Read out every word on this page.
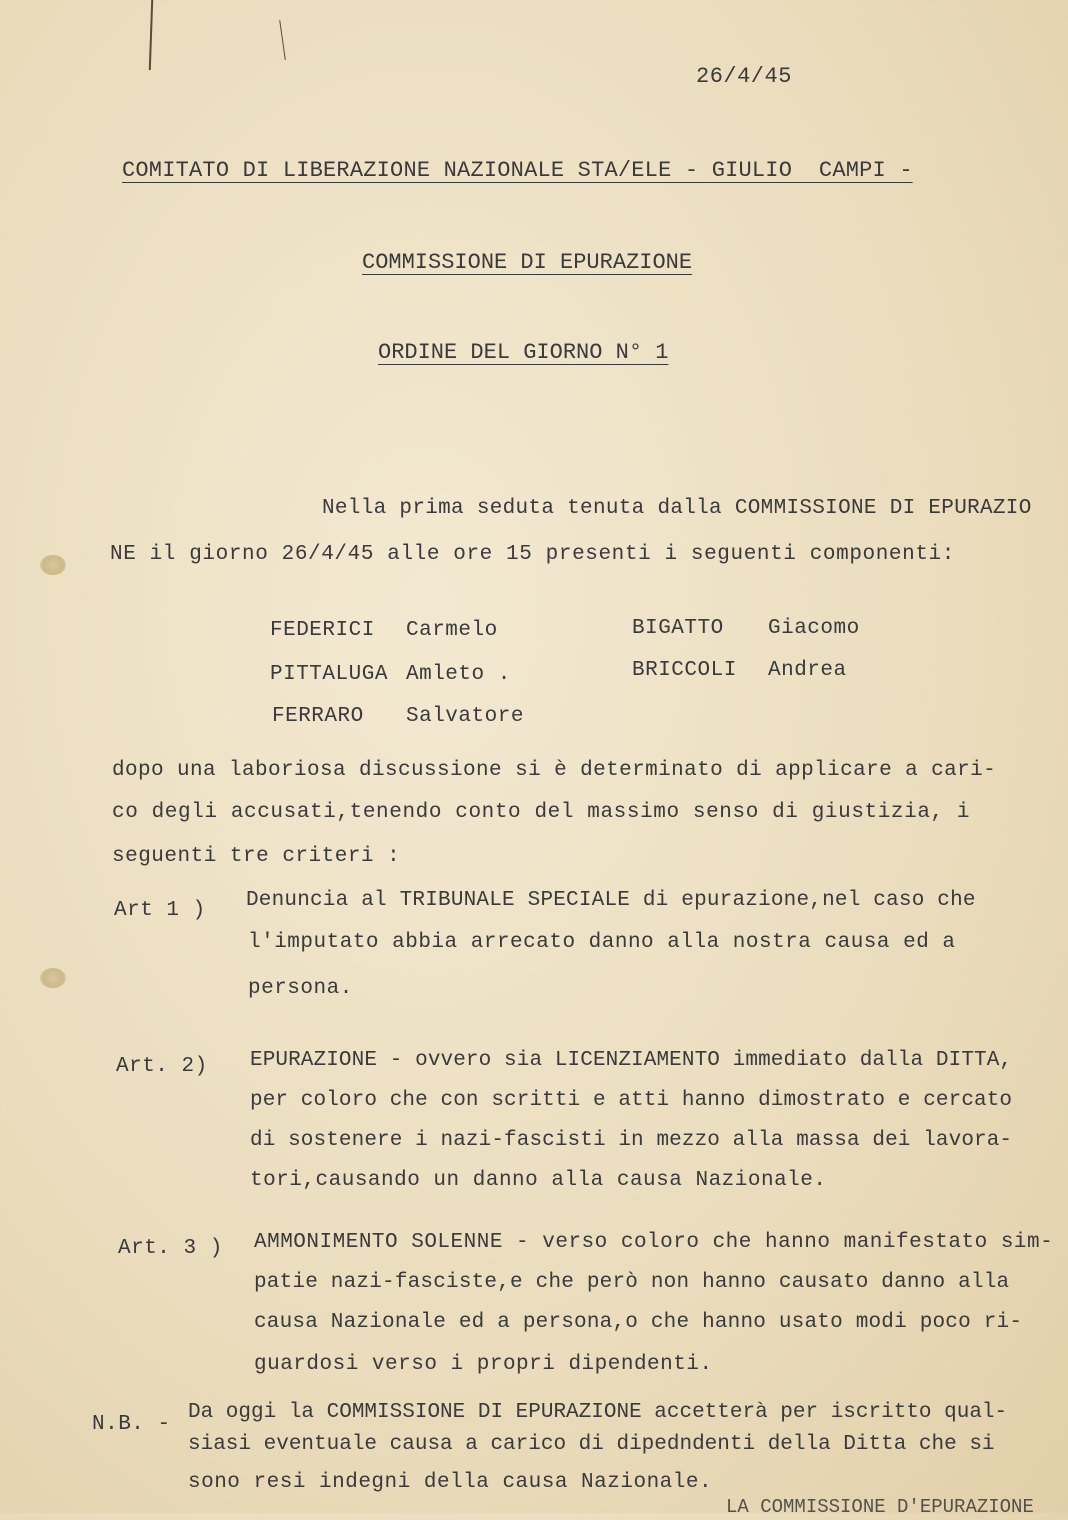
26/4/45
COMITATO DI LIBERAZIONE NAZIONALE STA/ELE - GIULIO  CAMPI -
COMMISSIONE DI EPURAZIONE
ORDINE DEL GIORNO N° 1
Nella prima seduta tenuta dalla COMMISSIONE DI EPURAZIO
NE il giorno 26/4/45 alle ore 15 presenti i seguenti componenti:
FEDERICI Carmelo
PITTALUGA Amleto .
FERRARO Salvatore
BIGATTO Giacomo
BRICCOLI Andrea
dopo una laboriosa discussione si è determinato di applicare a cari-
co degli accusati,tenendo conto del massimo senso di giustizia, i
seguenti tre criteri :
Art 1 ) Denuncia al TRIBUNALE SPECIALE di epurazione,nel caso che
l'imputato abbia arrecato danno alla nostra causa ed a
persona.
Art. 2) EPURAZIONE - ovvero sia LICENZIAMENTO immediato dalla DITTA,
per coloro che con scritti e atti hanno dimostrato e cercato
di sostenere i nazi-fascisti in mezzo alla massa dei lavora-
tori,causando un danno alla causa Nazionale.
Art. 3 ) AMMONIMENTO SOLENNE - verso coloro che hanno manifestato sim-
patie nazi-fasciste,e che però non hanno causato danno alla
causa Nazionale ed a persona,o che hanno usato modi poco ri-
guardosi verso i propri dipendenti.
N.B. -
Da oggi la COMMISSIONE DI EPURAZIONE accetterà per iscritto qual-
siasi eventuale causa a carico di dipedndenti della Ditta che si
sono resi indegni della causa Nazionale.
LA COMMISSIONE D'EPURAZIONE
